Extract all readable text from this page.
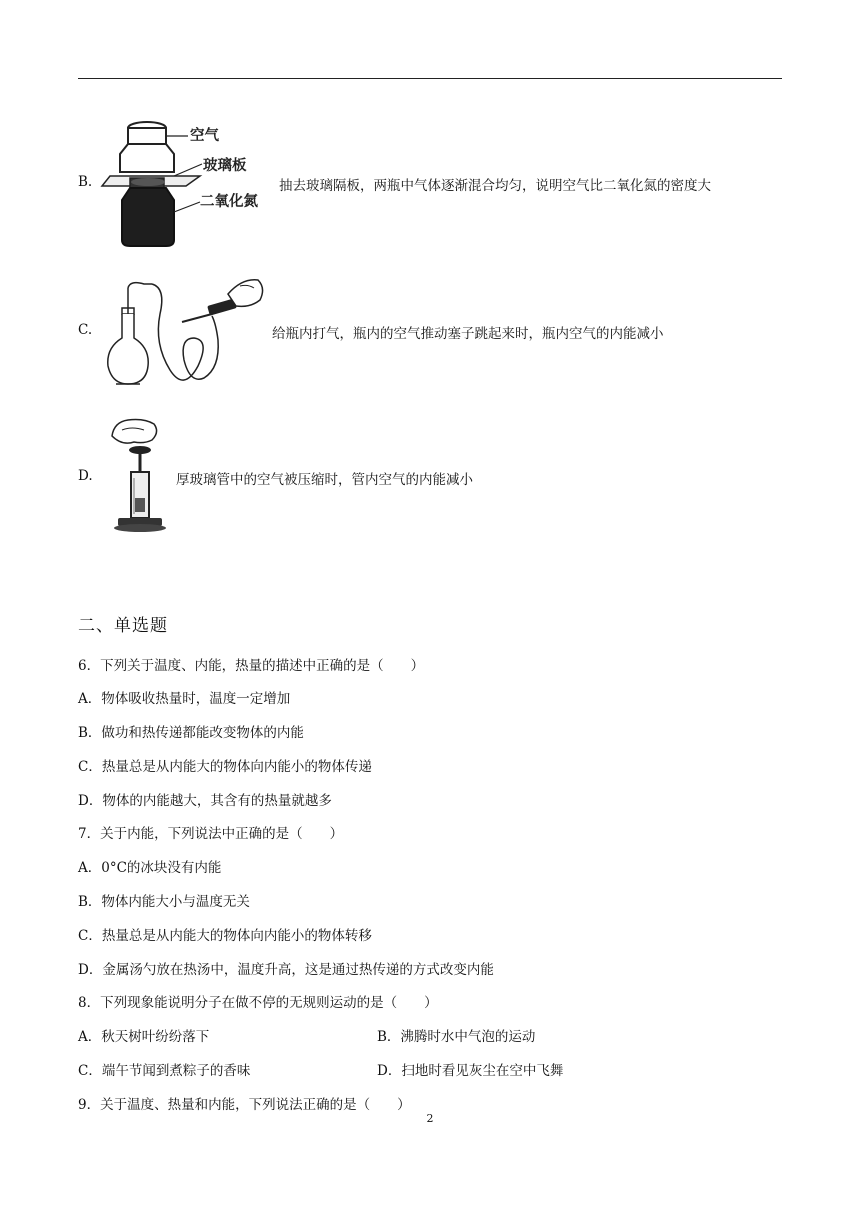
B.
空气
玻璃板
二氧化氮
抽去玻璃隔板，两瓶中气体逐渐混合均匀，说明空气比二氧化氮的密度大
C.	给瓶内打气，瓶内的空气推动塞子跳起来时，瓶内空气的内能减小
D.	厚玻璃管中的空气被压缩时，管内空气的内能减小
二、单选题
6．下列关于温度、内能，热量的描述中正确的是（　　）
A．物体吸收热量时，温度一定增加
B．做功和热传递都能改变物体的内能
C．热量总是从内能大的物体向内能小的物体传递
D．物体的内能越大，其含有的热量就越多
7．关于内能，下列说法中正确的是（　　）
A．0°C的冰块没有内能
B．物体内能大小与温度无关
C．热量总是从内能大的物体向内能小的物体转移
D．金属汤勺放在热汤中，温度升高，这是通过热传递的方式改变内能
8．下列现象能说明分子在做不停的无规则运动的是（　　）
A．秋天树叶纷纷落下	B．沸腾时水中气泡的运动
C．端午节闻到煮粽子的香味	D．扫地时看见灰尘在空中飞舞
9．关于温度、热量和内能，下列说法正确的是（　　）
2
